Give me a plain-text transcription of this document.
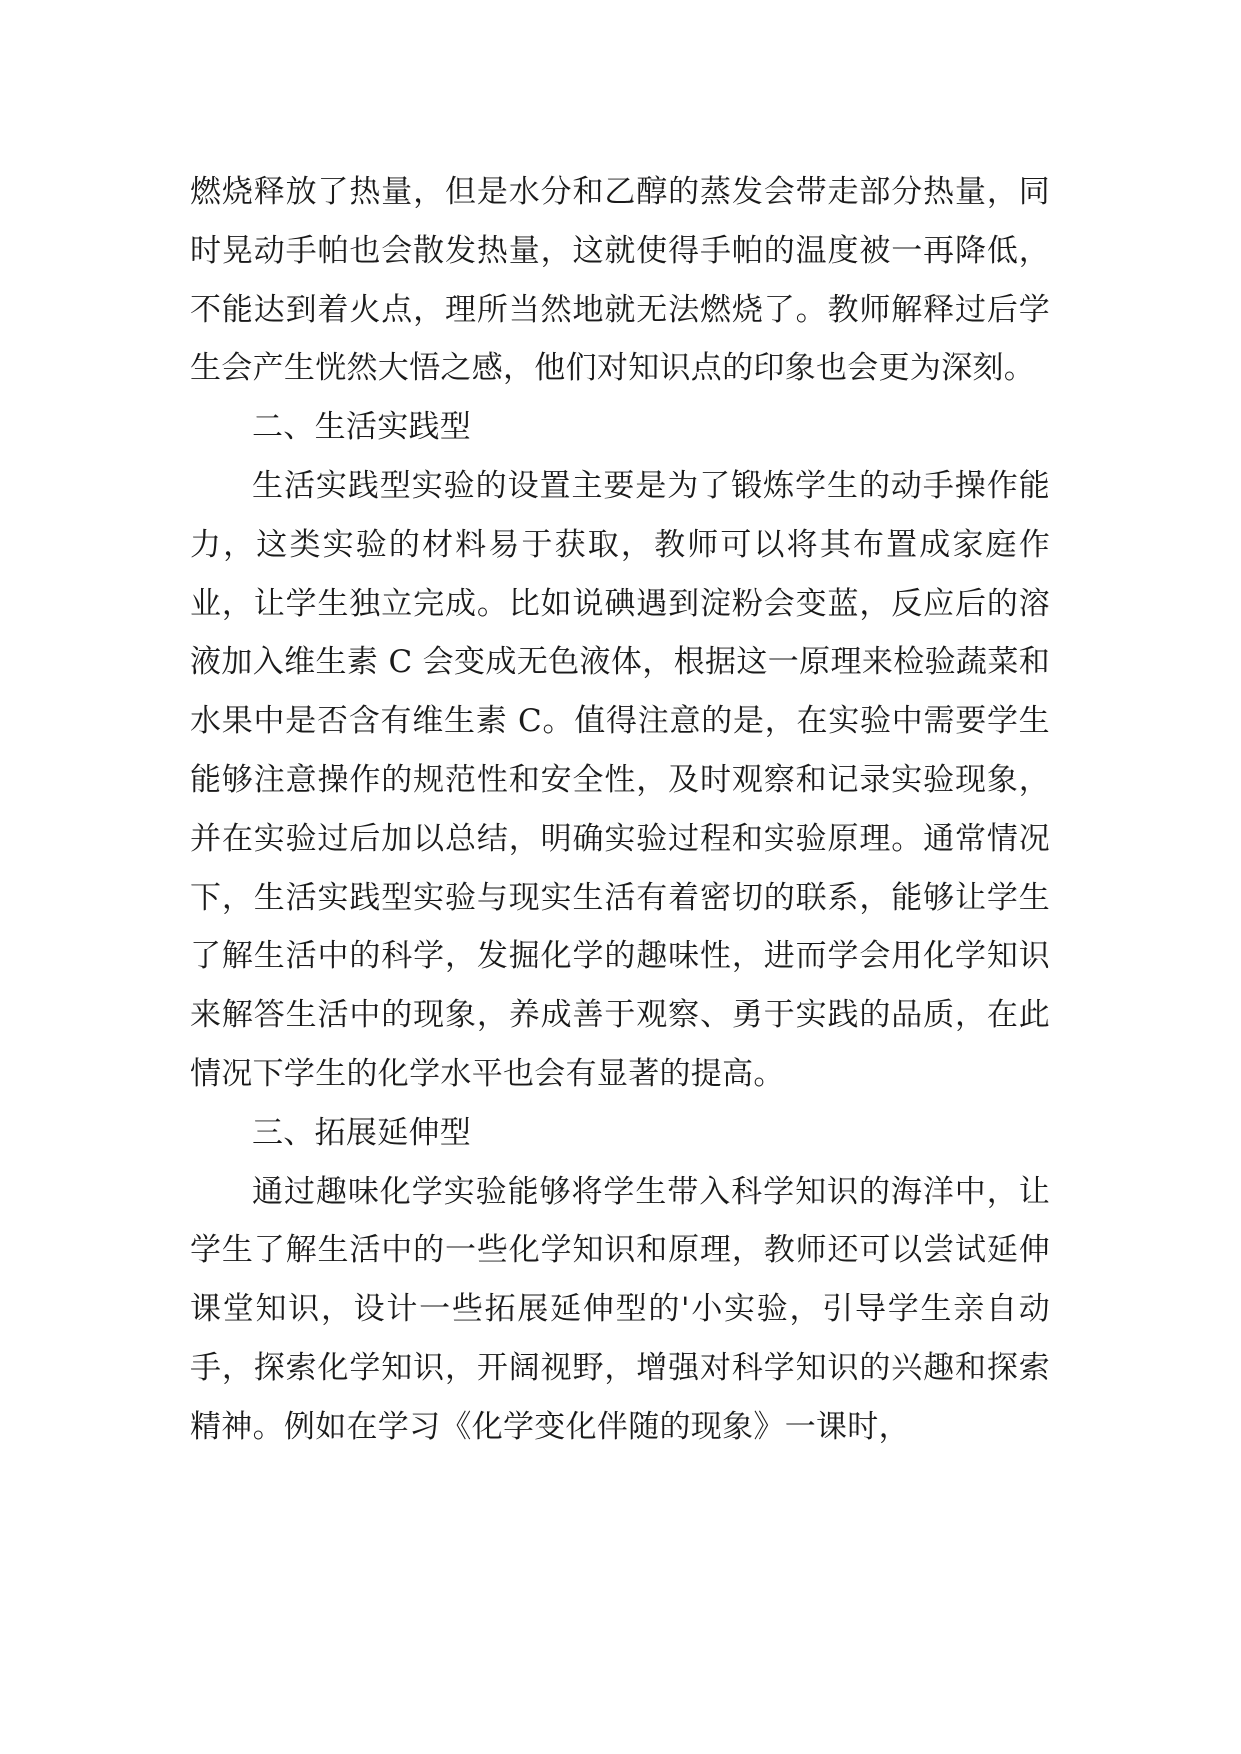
燃烧释放了热量，但是水分和乙醇的蒸发会带走部分热量，同时晃动手帕也会散发热量，这就使得手帕的温度被一再降低，不能达到着火点，理所当然地就无法燃烧了。教师解释过后学生会产生恍然大悟之感，他们对知识点的印象也会更为深刻。

二、生活实践型

生活实践型实验的设置主要是为了锻炼学生的动手操作能力，这类实验的材料易于获取，教师可以将其布置成家庭作业，让学生独立完成。比如说碘遇到淀粉会变蓝，反应后的溶液加入维生素 C 会变成无色液体，根据这一原理来检验蔬菜和水果中是否含有维生素 C。值得注意的是，在实验中需要学生能够注意操作的规范性和安全性，及时观察和记录实验现象，并在实验过后加以总结，明确实验过程和实验原理。通常情况下，生活实践型实验与现实生活有着密切的联系，能够让学生了解生活中的科学，发掘化学的趣味性，进而学会用化学知识来解答生活中的现象，养成善于观察、勇于实践的品质，在此情况下学生的化学水平也会有显著的提高。

三、拓展延伸型

通过趣味化学实验能够将学生带入科学知识的海洋中，让学生了解生活中的一些化学知识和原理，教师还可以尝试延伸课堂知识，设计一些拓展延伸型的'小实验，引导学生亲自动手，探索化学知识，开阔视野，增强对科学知识的兴趣和探索精神。例如在学习《化学变化伴随的现象》一课时，
